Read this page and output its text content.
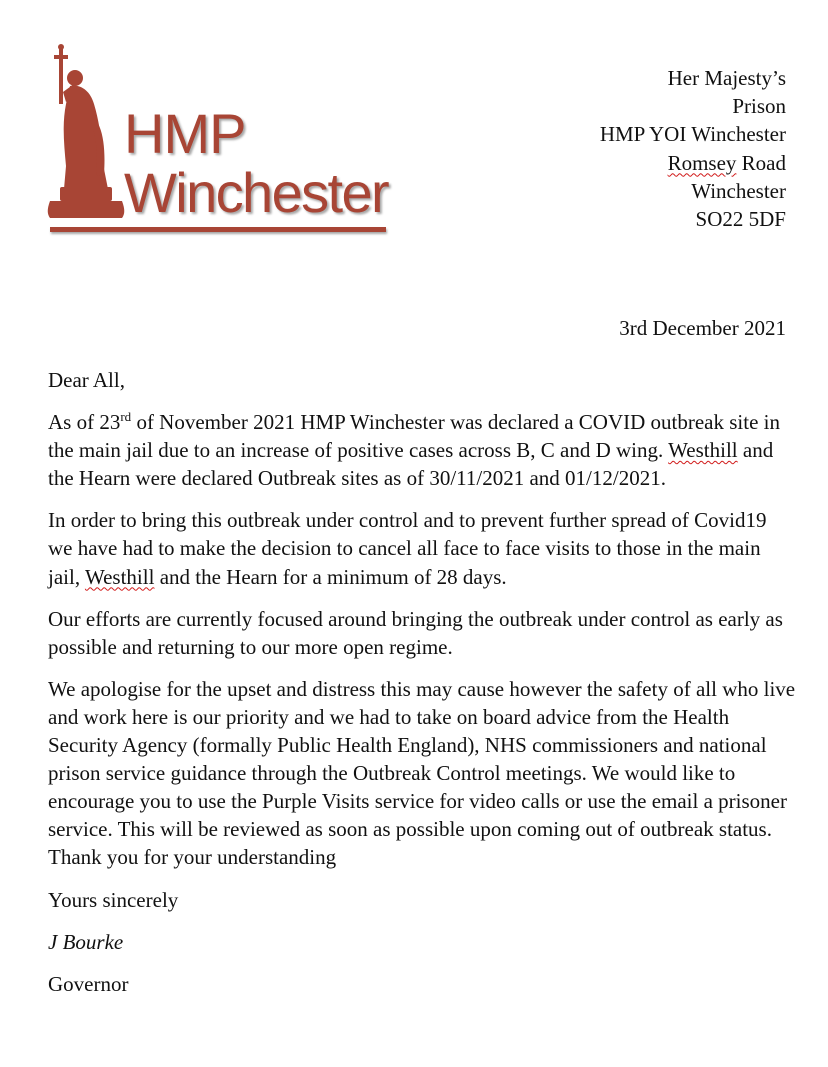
HMP
Winchester
Her Majesty’s
Prison
HMP YOI Winchester
Romsey Road
Winchester
SO22 5DF
3rd December 2021

Dear All,

As of 23rd of November 2021 HMP Winchester was declared a COVID outbreak site in the main jail due to an increase of positive cases across B, C and D wing. Westhill and the Hearn were declared Outbreak sites as of 30/11/2021 and 01/12/2021.

In order to bring this outbreak under control and to prevent further spread of Covid19 we have had to make the decision to cancel all face to face visits to those in the main jail, Westhill and the Hearn for a minimum of 28 days.

Our efforts are currently focused around bringing the outbreak under control as early as possible and returning to our more open regime.

We apologise for the upset and distress this may cause however the safety of all who live and work here is our priority and we had to take on board advice from the Health Security Agency (formally Public Health England), NHS commissioners and national prison service guidance through the Outbreak Control meetings. We would like to encourage you to use the Purple Visits service for video calls or use the email a prisoner service. This will be reviewed as soon as possible upon coming out of outbreak status. Thank you for your understanding

Yours sincerely

J Bourke

Governor
